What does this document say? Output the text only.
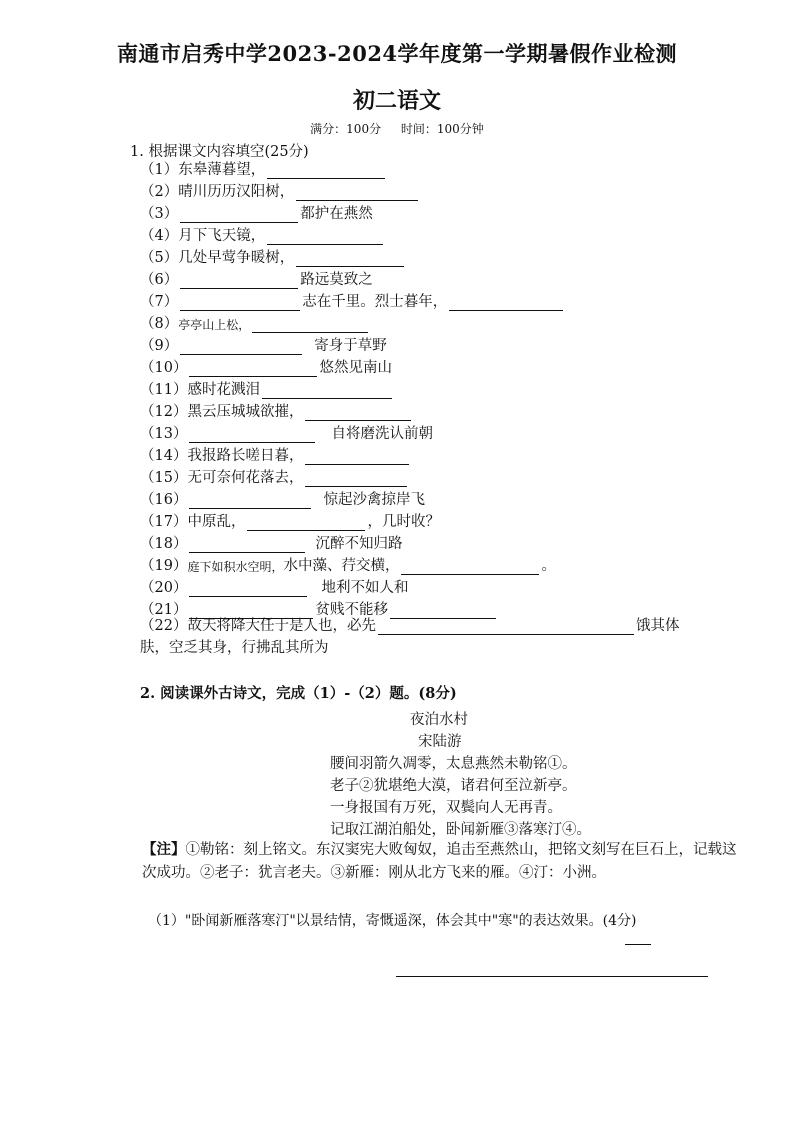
南通市启秀中学2023-2024学年度第一学期暑假作业检测
初二语文
满分：100分 时间：100分钟
1. 根据课文内容填空(25分)
（1） 东皋薄暮望，
（2） 晴川历历汉阳树，
（3）	都护在燕然
（4） 月下飞天镜，
（5） 几处早莺争暖树，
（6）	路远莫致之
（7）	志在千里。烈士暮年，
（8） 亭亭山上松，
（9）	寄身于草野
（10）	悠然见南山
（11） 感时花溅泪
（12） 黑云压城城欲摧，
（13）	自将磨洗认前朝
（14） 我报路长嗟日暮，
（15） 无可奈何花落去，
（16）	惊起沙禽掠岸飞
（17） 中原乱，	，几时收？
（18）	沉醉不知归路
（19） 庭下如积水空明， 水中藻、荇交横，	。
（20）	地利不如人和
（21）	贫贱不能移
（22） 故天将降大任于是人也，必先	饿其体
肤，空乏其身，行拂乱其所为
2. 阅读课外古诗文，完成（1）-（2）题。(8分)
夜泊水村
宋陆游
腰间羽箭久凋零，太息燕然未勒铭①。
老子②犹堪绝大漠，诸君何至泣新亭。
一身报国有万死，双鬓向人无再青。
记取江湖泊船处，卧闻新雁③落寒汀④。
【注】①勒铭：刻上铭文。东汉窦宪大败匈奴，追击至燕然山，把铭文刻写在巨石上，记载这次成功。②老子：犹言老夫。③新雁：刚从北方飞来的雁。④汀：小洲。
（1）"卧闻新雁落寒汀"以景结情，寄慨遥深，体会其中"寒"的表达效果。(4分)
